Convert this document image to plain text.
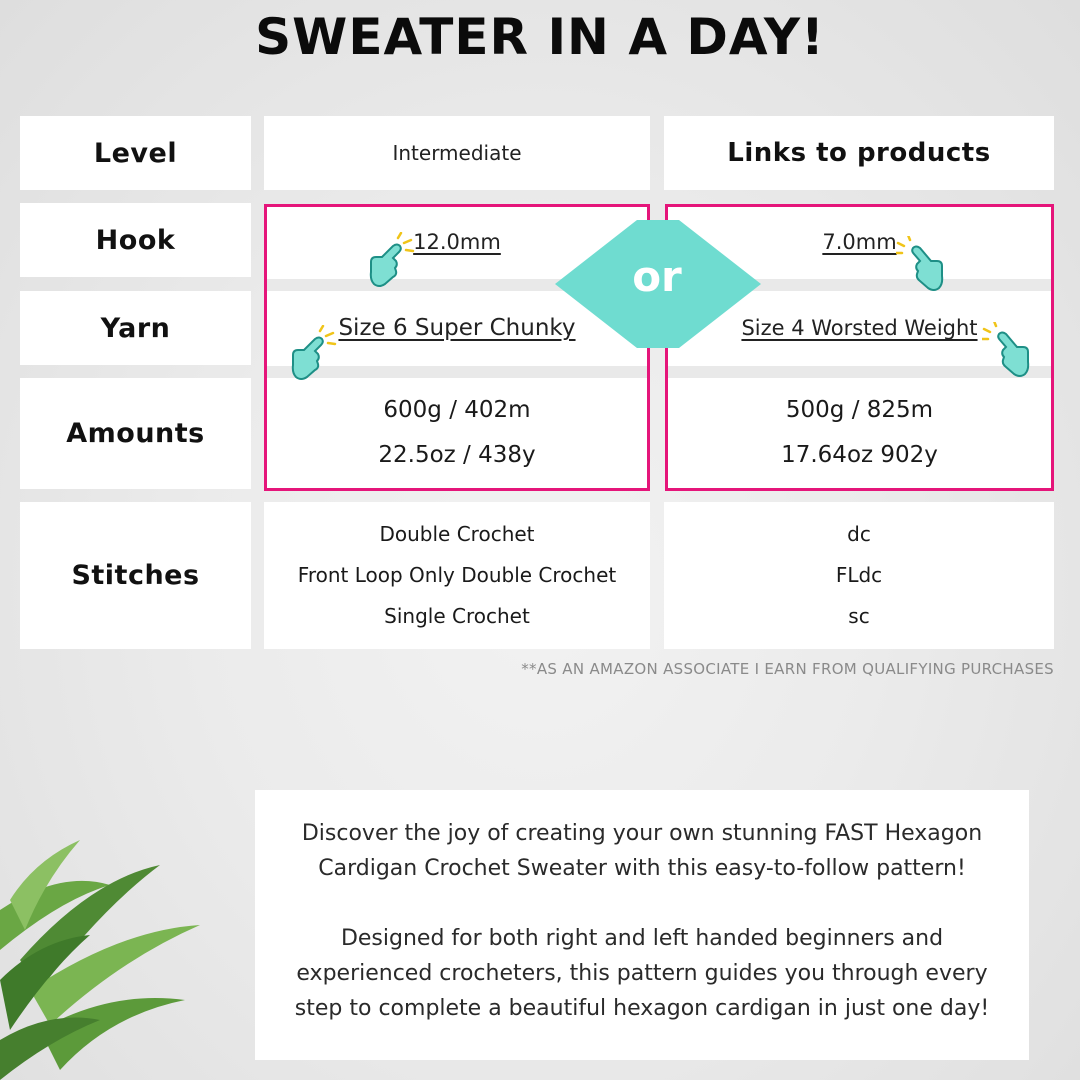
SWEATER IN A DAY!
Level	Intermediate	Links to products
Hook
Yarn
Amounts
12.0mm
Size 6 Super Chunky
600g / 402m
22.5oz / 438y
7.0mm
Size 4 Worsted Weight
500g / 825m
17.64oz 902y
or
Stitches
Double Crochet
Front Loop Only Double Crochet
Single Crochet
dc
FLdc
sc
**AS AN AMAZON ASSOCIATE I EARN FROM QUALIFYING PURCHASES

Discover the joy of creating your own stunning FAST Hexagon Cardigan Crochet Sweater with this easy-to-follow pattern!

Designed for both right and left handed beginners and experienced crocheters, this pattern guides you through every step to complete a beautiful hexagon cardigan in just one day!
